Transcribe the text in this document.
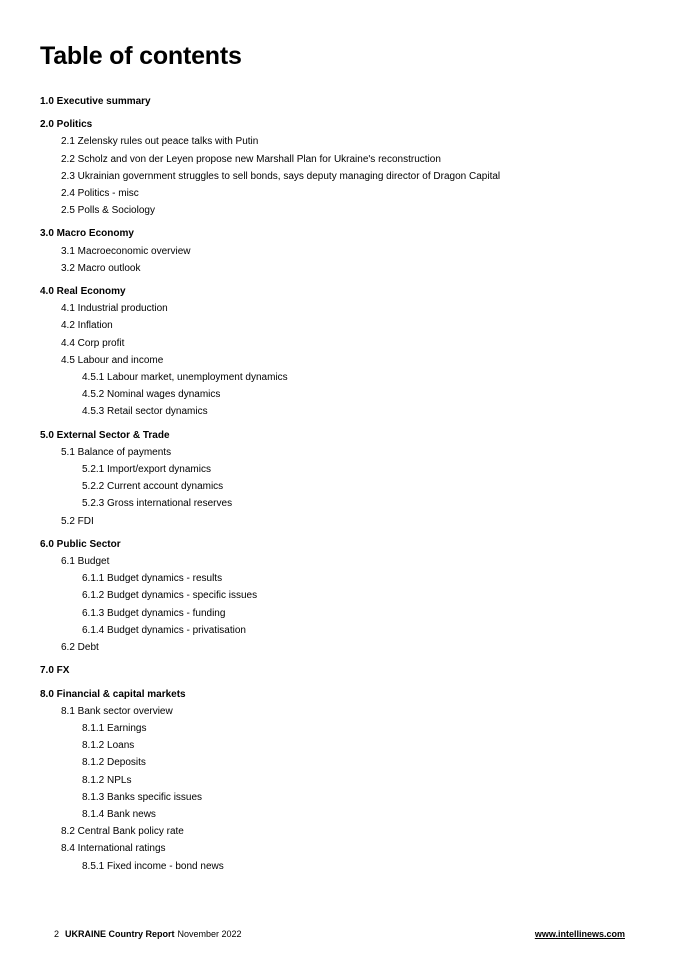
Table of contents
1.0 Executive summary
2.0 Politics
2.1 Zelensky rules out peace talks with Putin
2.2 Scholz and von der Leyen propose new Marshall Plan for Ukraine's reconstruction
2.3 Ukrainian government struggles to sell bonds, says deputy managing director of Dragon Capital
2.4 Politics - misc
2.5 Polls & Sociology
3.0 Macro Economy
3.1 Macroeconomic overview
3.2 Macro outlook
4.0 Real Economy
4.1 Industrial production
4.2 Inflation
4.4 Corp profit
4.5 Labour and income
4.5.1 Labour market, unemployment dynamics
4.5.2 Nominal wages dynamics
4.5.3 Retail sector dynamics
5.0 External Sector & Trade
5.1 Balance of payments
5.2.1 Import/export dynamics
5.2.2 Current account dynamics
5.2.3 Gross international reserves
5.2 FDI
6.0 Public Sector
6.1 Budget
6.1.1 Budget dynamics - results
6.1.2 Budget dynamics - specific issues
6.1.3 Budget dynamics - funding
6.1.4 Budget dynamics - privatisation
6.2 Debt
7.0 FX
8.0 Financial & capital markets
8.1 Bank sector overview
8.1.1 Earnings
8.1.2 Loans
8.1.2 Deposits
8.1.2 NPLs
8.1.3 Banks specific issues
8.1.4 Bank news
8.2 Central Bank policy rate
8.4 International ratings
8.5.1 Fixed income - bond news
2 UKRAINE Country Report November 2022	www.intellinews.com
